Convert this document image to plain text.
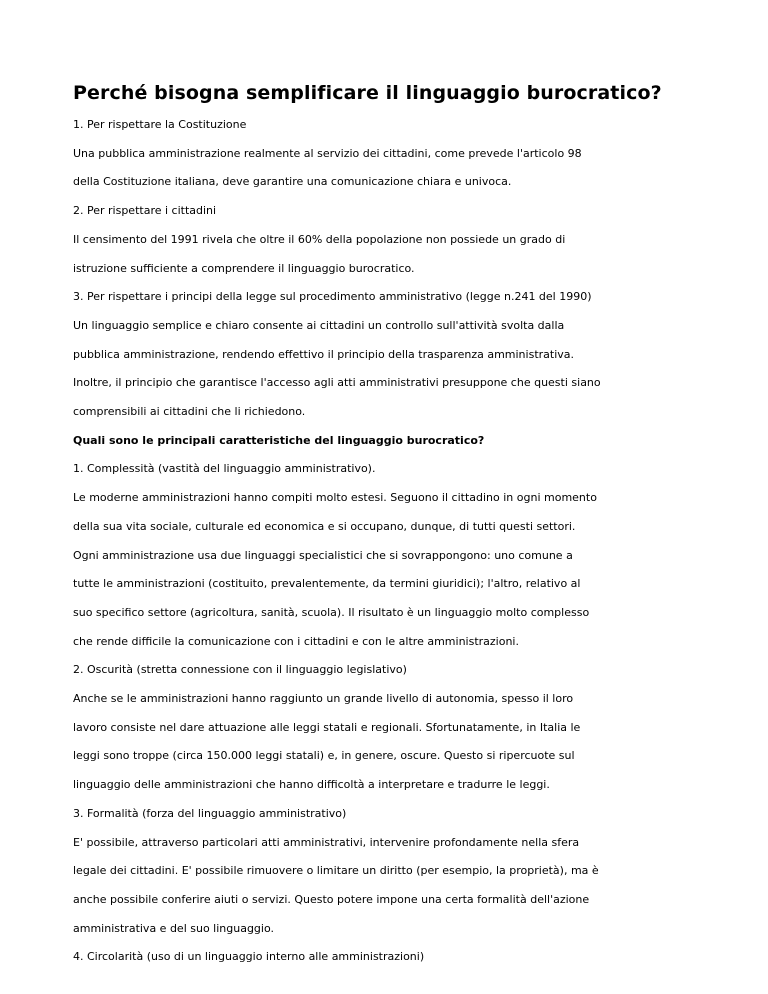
Perché bisogna semplificare il linguaggio burocratico?
1. Per rispettare la Costituzione
Una pubblica amministrazione realmente al servizio dei cittadini, come prevede l'articolo 98
della Costituzione italiana, deve garantire una comunicazione chiara e univoca.
2. Per rispettare i cittadini
Il censimento del 1991 rivela che oltre il 60% della popolazione non possiede un grado di
istruzione sufficiente a comprendere il linguaggio burocratico.
3. Per rispettare i principi della legge sul procedimento amministrativo (legge n.241 del 1990)
Un linguaggio semplice e chiaro consente ai cittadini un controllo sull'attività svolta dalla
pubblica amministrazione, rendendo effettivo il principio della trasparenza amministrativa.
Inoltre, il principio che garantisce l'accesso agli atti amministrativi presuppone che questi siano
comprensibili ai cittadini che li richiedono.
Quali sono le principali caratteristiche del linguaggio burocratico?
1. Complessità (vastità del linguaggio amministrativo).
Le moderne amministrazioni hanno compiti molto estesi. Seguono il cittadino in ogni momento
della sua vita sociale, culturale ed economica e si occupano, dunque, di tutti questi settori.
Ogni amministrazione usa due linguaggi specialistici che si sovrappongono: uno comune a
tutte le amministrazioni (costituito, prevalentemente, da termini giuridici); l'altro, relativo al
suo specifico settore (agricoltura, sanità, scuola). Il risultato è un linguaggio molto complesso
che rende difficile la comunicazione con i cittadini e con le altre amministrazioni.
2. Oscurità (stretta connessione con il linguaggio legislativo)
Anche se le amministrazioni hanno raggiunto un grande livello di autonomia, spesso il loro
lavoro consiste nel dare attuazione alle leggi statali e regionali. Sfortunatamente, in Italia le
leggi sono troppe (circa 150.000 leggi statali) e, in genere, oscure. Questo si ripercuote sul
linguaggio delle amministrazioni che hanno difficoltà a interpretare e tradurre le leggi.
3. Formalità (forza del linguaggio amministrativo)
E' possibile, attraverso particolari atti amministrativi, intervenire profondamente nella sfera
legale dei cittadini. E' possibile rimuovere o limitare un diritto (per esempio, la proprietà), ma è
anche possibile conferire aiuti o servizi. Questo potere impone una certa formalità dell'azione
amministrativa e del suo linguaggio.
4. Circolarità (uso di un linguaggio interno alle amministrazioni)
